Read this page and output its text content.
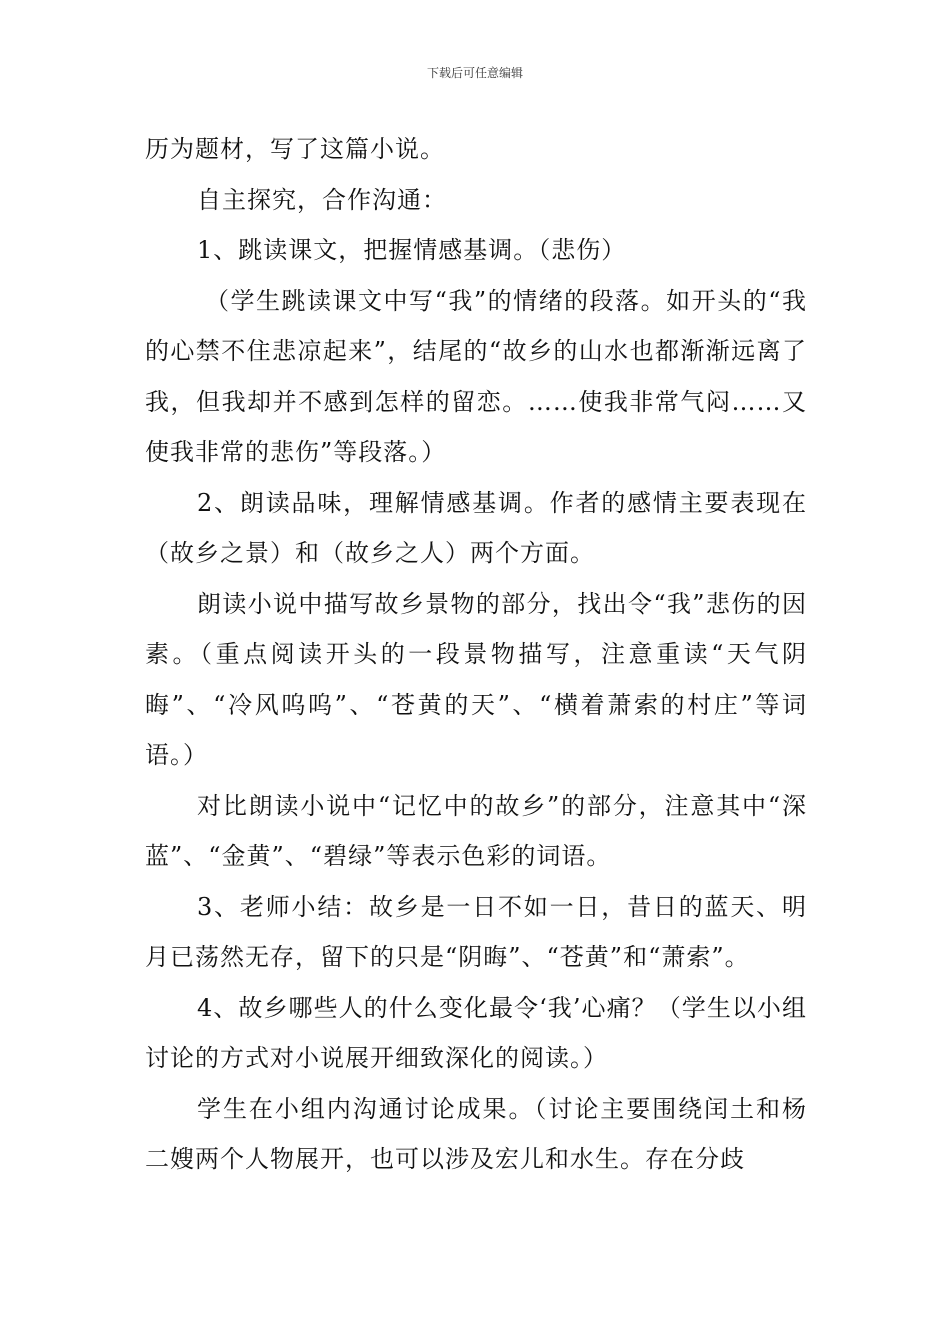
下载后可任意编辑

历为题材，写了这篇小说。

自主探究，合作沟通：

1、跳读课文，把握情感基调。（悲伤）

（学生跳读课文中写“我”的情绪的段落。如开头的“我的心禁不住悲凉起来”，结尾的“故乡的山水也都渐渐远离了我，但我却并不感到怎样的留恋。……使我非常气闷……又使我非常的悲伤”等段落。）

2、朗读品味，理解情感基调。作者的感情主要表现在（故乡之景）和（故乡之人）两个方面。

朗读小说中描写故乡景物的部分，找出令“我”悲伤的因素。（重点阅读开头的一段景物描写，注意重读“天气阴晦”、“冷风呜呜”、“苍黄的天”、“横着萧索的村庄”等词语。）

对比朗读小说中“记忆中的故乡”的部分，注意其中“深蓝”、“金黄”、“碧绿”等表示色彩的词语。

3、老师小结：故乡是一日不如一日，昔日的蓝天、明月已荡然无存，留下的只是“阴晦”、“苍黄”和“萧索”。

4、故乡哪些人的什么变化最令‘我’心痛？（学生以小组讨论的方式对小说展开细致深化的阅读。）

学生在小组内沟通讨论成果。（讨论主要围绕闰土和杨二嫂两个人物展开，也可以涉及宏儿和水生。存在分歧
